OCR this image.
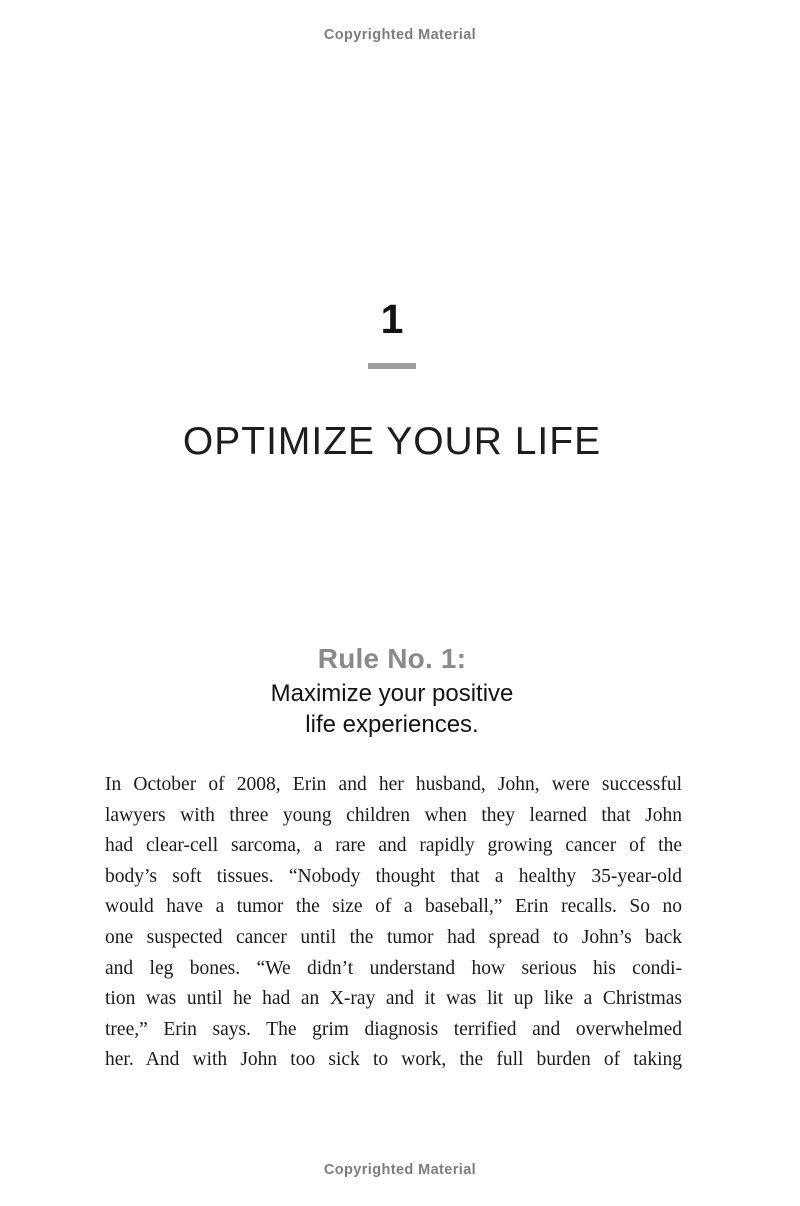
Copyrighted Material
1
OPTIMIZE YOUR LIFE
Rule No. 1:
Maximize your positive
life experiences.
In October of 2008, Erin and her husband, John, were successful
lawyers with three young children when they learned that John
had clear-cell sarcoma, a rare and rapidly growing cancer of the
body’s soft tissues. “Nobody thought that a healthy 35-year-old
would have a tumor the size of a baseball,” Erin recalls. So no
one suspected cancer until the tumor had spread to John’s back
and leg bones. “We didn’t understand how serious his condi-
tion was until he had an X-ray and it was lit up like a Christmas
tree,” Erin says. The grim diagnosis terrified and overwhelmed
her. And with John too sick to work, the full burden of taking
Copyrighted Material
